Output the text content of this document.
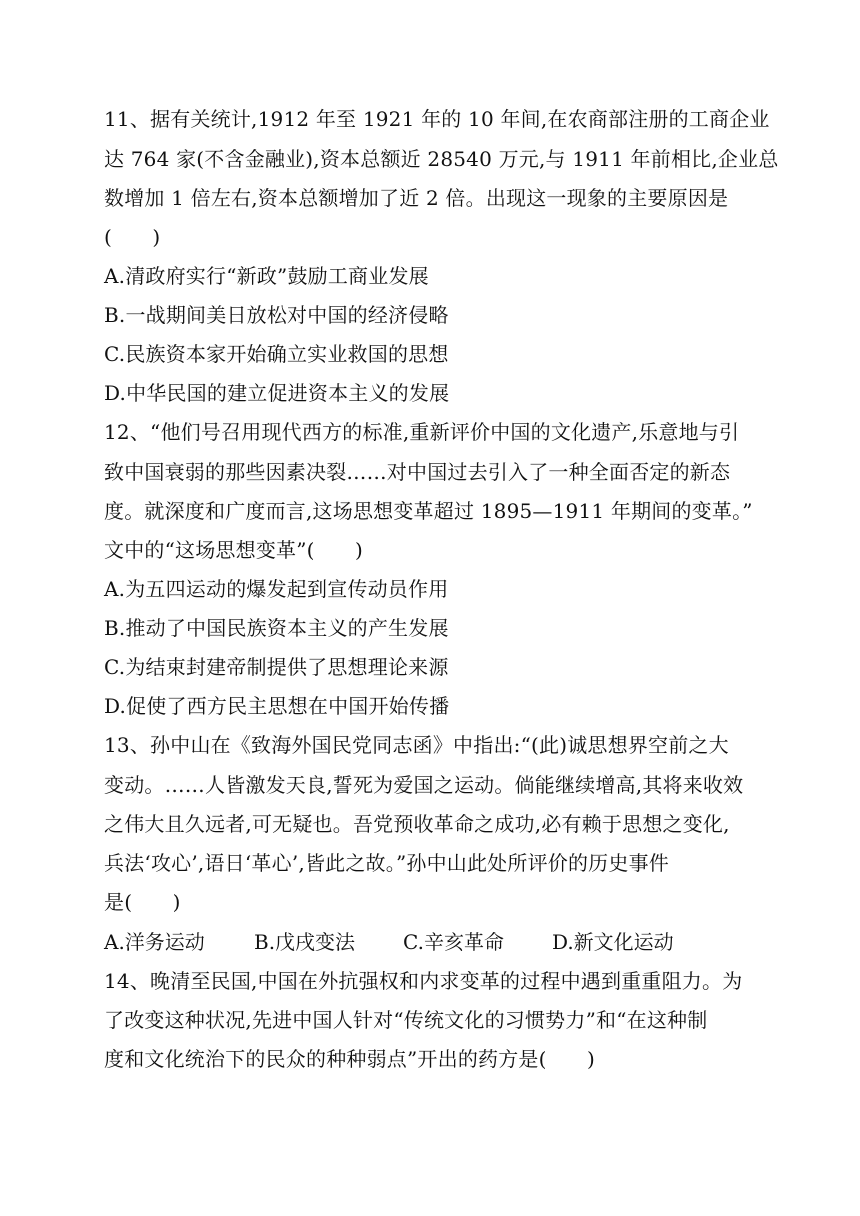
11、据有关统计,1912 年至 1921 年的 10 年间,在农商部注册的工商企业
达 764 家(不含金融业),资本总额近 28540 万元,与 1911 年前相比,企业总
数增加 1 倍左右,资本总额增加了近 2 倍。出现这一现象的主要原因是
(　　)
A.清政府实行“新政”鼓励工商业发展
B.一战期间美日放松对中国的经济侵略
C.民族资本家开始确立实业救国的思想
D.中华民国的建立促进资本主义的发展
12、“他们号召用现代西方的标准,重新评价中国的文化遗产,乐意地与引
致中国衰弱的那些因素决裂……对中国过去引入了一种全面否定的新态
度。就深度和广度而言,这场思想变革超过 1895—1911 年期间的变革。”
文中的“这场思想变革”(　　)
A.为五四运动的爆发起到宣传动员作用
B.推动了中国民族资本主义的产生发展
C.为结束封建帝制提供了思想理论来源
D.促使了西方民主思想在中国开始传播
13、孙中山在《致海外国民党同志函》中指出:“(此)诚思想界空前之大
变动。……人皆激发天良,誓死为爱国之运动。倘能继续增高,其将来收效
之伟大且久远者,可无疑也。吾党预收革命之成功,必有赖于思想之变化,
兵法‘攻心’,语日‘革心’,皆此之故。”孙中山此处所评价的历史事件
是(　　)
A.洋务运动 B.戊戌变法 C.辛亥革命 D.新文化运动
14、晚清至民国,中国在外抗强权和内求变革的过程中遇到重重阻力。为
了改变这种状况,先进中国人针对“传统文化的习惯势力”和“在这种制
度和文化统治下的民众的种种弱点”开出的药方是(　　)
